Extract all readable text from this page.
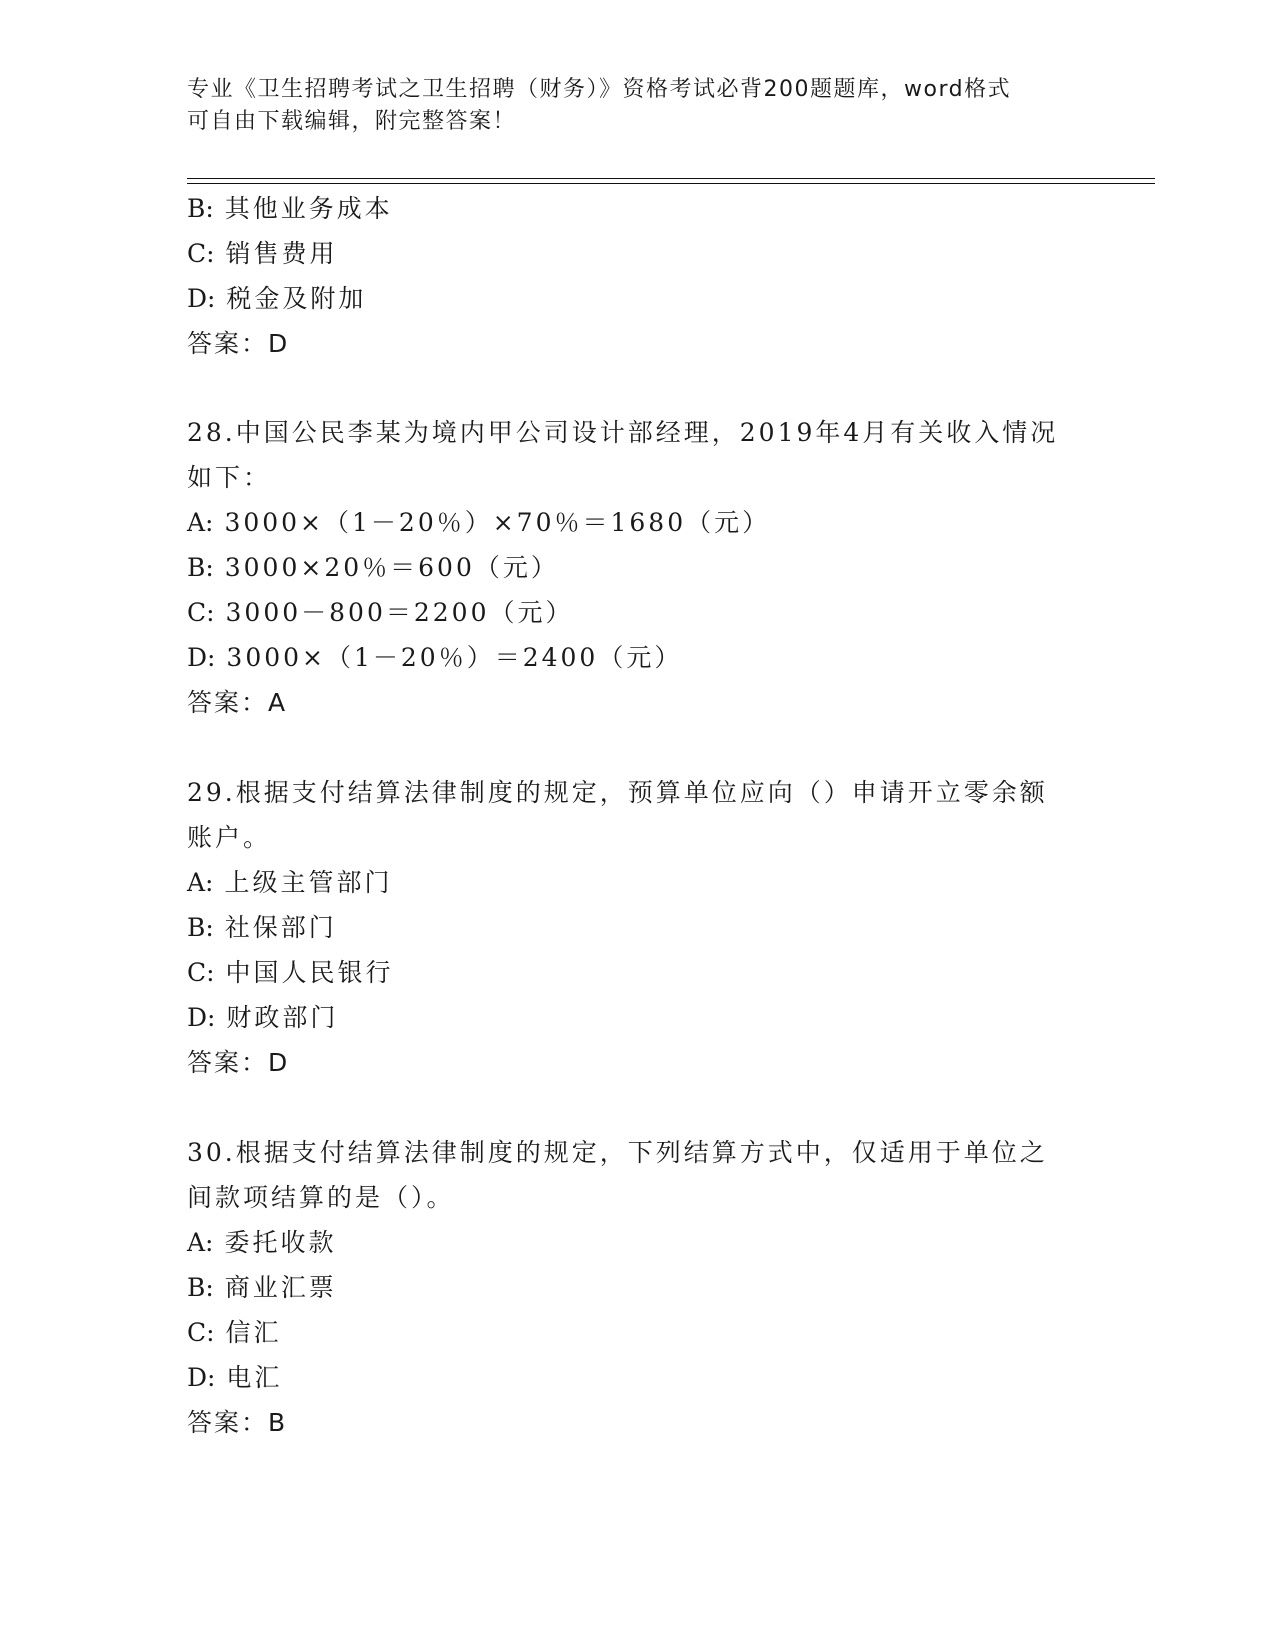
专业《卫生招聘考试之卫生招聘（财务）》资格考试必背200题题库，word格式
可自由下载编辑，附完整答案！
B: 其他业务成本
C: 销售费用
D: 税金及附加
答案：D
28.中国公民李某为境内甲公司设计部经理，2019年4月有关收入情况
如下：
A: 3000×（1－20％）×70％＝1680（元）
B: 3000×20％＝600（元）
C: 3000－800＝2200（元）
D: 3000×（1－20％）＝2400（元）
答案：A
29.根据支付结算法律制度的规定，预算单位应向（）申请开立零余额
账户。
A: 上级主管部门
B: 社保部门
C: 中国人民银行
D: 财政部门
答案：D
30.根据支付结算法律制度的规定，下列结算方式中，仅适用于单位之
间款项结算的是（）。
A: 委托收款
B: 商业汇票
C: 信汇
D: 电汇
答案：B
